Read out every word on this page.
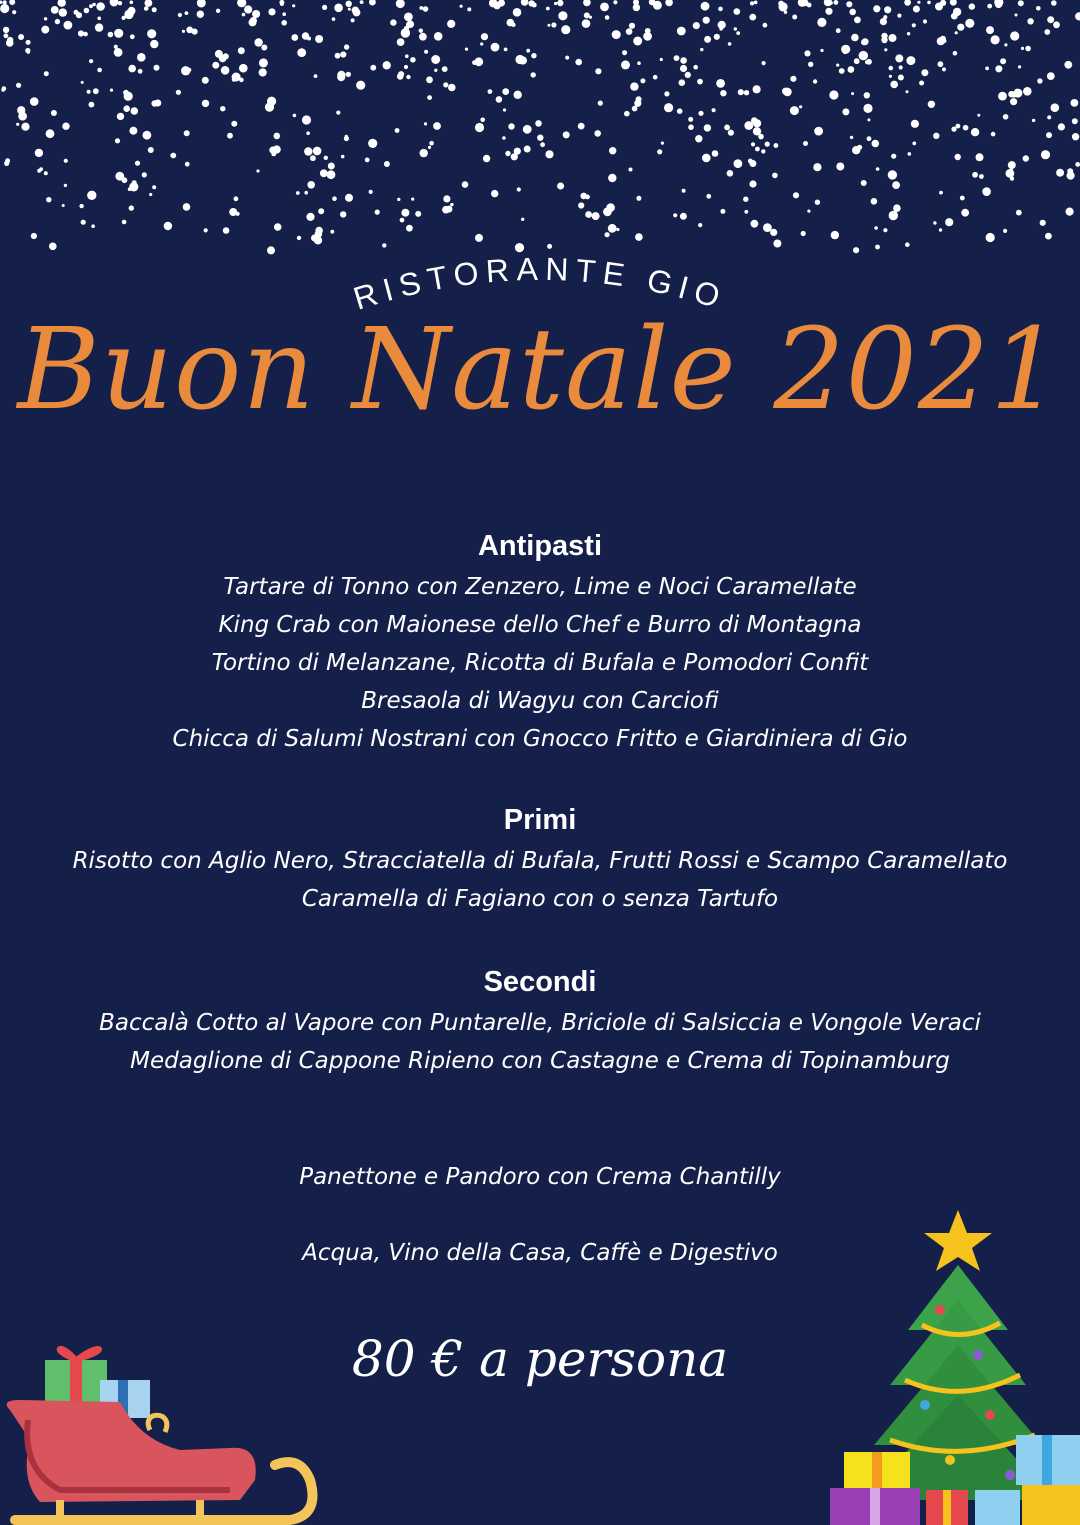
RISTORANTE GIO
Buon Natale 2021
Antipasti
Tartare di Tonno con Zenzero, Lime e Noci Caramellate
King Crab con Maionese dello Chef e Burro di Montagna
Tortino di Melanzane, Ricotta di Bufala e Pomodori Confit
Bresaola di Wagyu con Carciofi
Chicca di Salumi Nostrani con Gnocco Fritto e Giardiniera di Gio
Primi
Risotto con Aglio Nero, Stracciatella di Bufala, Frutti Rossi e Scampo Caramellato
Caramella di Fagiano con o senza Tartufo
Secondi
Baccalà Cotto al Vapore con Puntarelle, Briciole di Salsiccia e Vongole Veraci
Medaglione di Cappone Ripieno con Castagne e Crema di Topinamburg
Panettone e Pandoro con Crema Chantilly
Acqua, Vino della Casa, Caffè e Digestivo
80 € a persona
